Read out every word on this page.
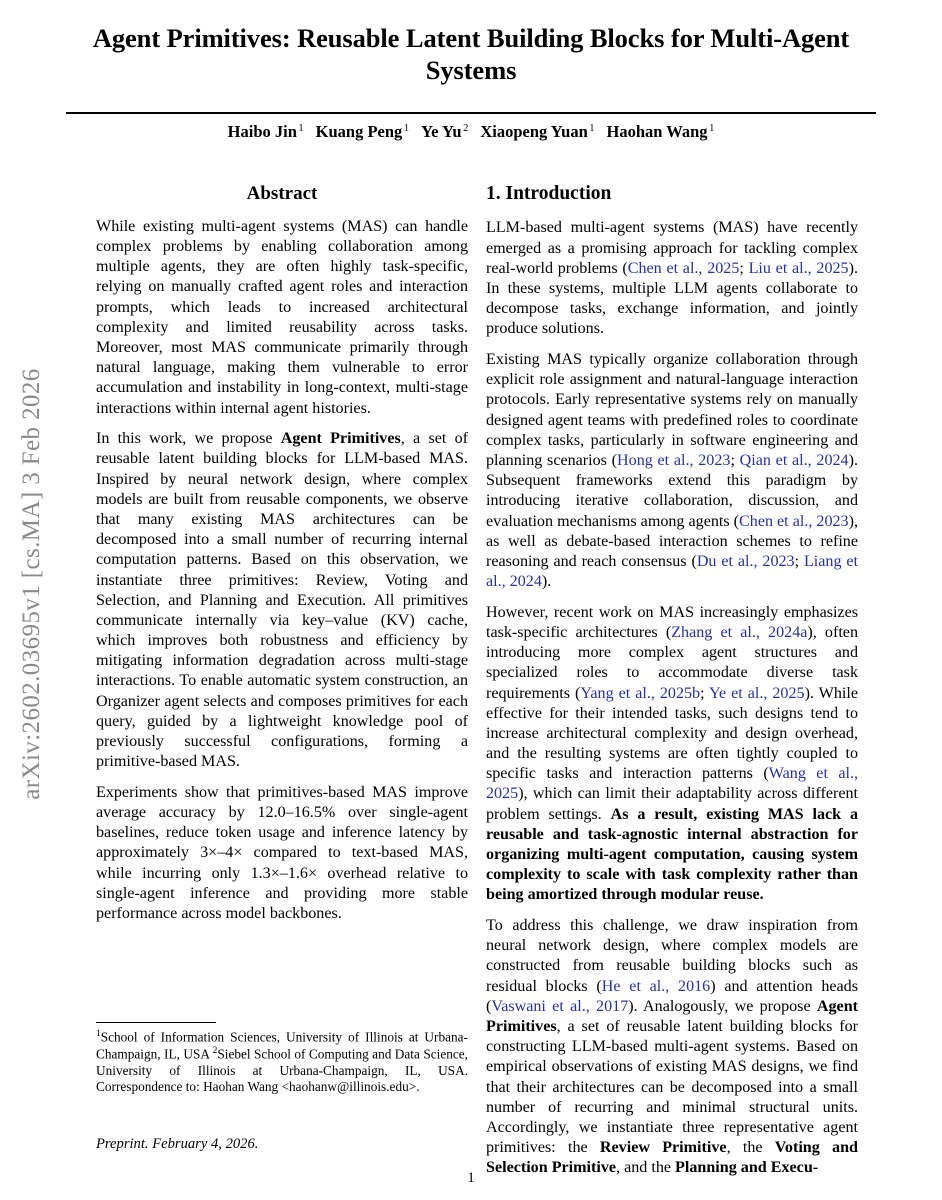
arXiv:2602.03695v1 [cs.MA] 3 Feb 2026
Agent Primitives: Reusable Latent Building Blocks for Multi-Agent Systems
Haibo Jin $^1$ Kuang Peng $^1$ Ye Yu $^2$ Xiaopeng Yuan $^1$ Haohan Wang $^1$
Abstract

While existing multi-agent systems (MAS) can handle complex problems by enabling collaboration among multiple agents, they are often highly task-specific, relying on manually crafted agent roles and interaction prompts, which leads to increased architectural complexity and limited reusability across tasks. Moreover, most MAS communicate primarily through natural language, making them vulnerable to error accumulation and instability in long-context, multi-stage interactions within internal agent histories.

In this work, we propose Agent Primitives, a set of reusable latent building blocks for LLM-based MAS. Inspired by neural network design, where complex models are built from reusable components, we observe that many existing MAS architectures can be decomposed into a small number of recurring internal computation patterns. Based on this observation, we instantiate three primitives: Review, Voting and Selection, and Planning and Execution. All primitives communicate internally via key–value (KV) cache, which improves both robustness and efficiency by mitigating information degradation across multi-stage interactions. To enable automatic system construction, an Organizer agent selects and composes primitives for each query, guided by a lightweight knowledge pool of previously successful configurations, forming a primitive-based MAS.

Experiments show that primitives-based MAS improve average accuracy by 12.0–16.5% over single-agent baselines, reduce token usage and inference latency by approximately 3×–4× compared to text-based MAS, while incurring only 1.3×–1.6× overhead relative to single-agent inference and providing more stable performance across model backbones.

1. Introduction

LLM-based multi-agent systems (MAS) have recently emerged as a promising approach for tackling complex real-world problems (Chen et al., 2025; Liu et al., 2025). In these systems, multiple LLM agents collaborate to decompose tasks, exchange information, and jointly produce solutions.

Existing MAS typically organize collaboration through explicit role assignment and natural-language interaction protocols. Early representative systems rely on manually designed agent teams with predefined roles to coordinate complex tasks, particularly in software engineering and planning scenarios (Hong et al., 2023; Qian et al., 2024). Subsequent frameworks extend this paradigm by introducing iterative collaboration, discussion, and evaluation mechanisms among agents (Chen et al., 2023), as well as debate-based interaction schemes to refine reasoning and reach consensus (Du et al., 2023; Liang et al., 2024).

However, recent work on MAS increasingly emphasizes task-specific architectures (Zhang et al., 2024a), often introducing more complex agent structures and specialized roles to accommodate diverse task requirements (Yang et al., 2025b; Ye et al., 2025). While effective for their intended tasks, such designs tend to increase architectural complexity and design overhead, and the resulting systems are often tightly coupled to specific tasks and interaction patterns (Wang et al., 2025), which can limit their adaptability across different problem settings. As a result, existing MAS lack a reusable and task-agnostic internal abstraction for organizing multi-agent computation, causing system complexity to scale with task complexity rather than being amortized through modular reuse.

To address this challenge, we draw inspiration from neural network design, where complex models are constructed from reusable building blocks such as residual blocks (He et al., 2016) and attention heads (Vaswani et al., 2017). Analogously, we propose Agent Primitives, a set of reusable latent building blocks for constructing LLM-based multi-agent systems. Based on empirical observations of existing MAS designs, we find that their architectures can be decomposed into a small number of recurring and minimal structural units. Accordingly, we instantiate three representative agent primitives: the Review Primitive, the Voting and Selection Primitive, and the Planning and Execu-

$^1$School of Information Sciences, University of Illinois at Urbana-Champaign, IL, USA $^2$Siebel School of Computing and Data Science, University of Illinois at Urbana-Champaign, IL, USA. Correspondence to: Haohan Wang <haohanw@illinois.edu>.
Preprint. February 4, 2026.
1
